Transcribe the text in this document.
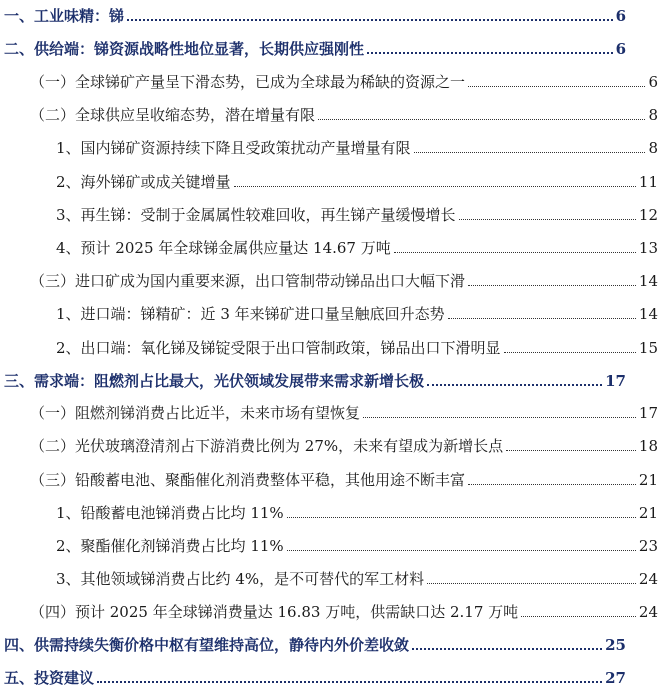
一、工业味精：锑	6
二、供给端：锑资源战略性地位显著，长期供应强刚性	6
（一）全球锑矿产量呈下滑态势，已成为全球最为稀缺的资源之一	6
（二）全球供应呈收缩态势，潜在增量有限	8
1、国内锑矿资源持续下降且受政策扰动产量增量有限	8
2、海外锑矿或成关键增量	11
3、再生锑：受制于金属属性较难回收，再生锑产量缓慢增长	12
4、预计 2025 年全球锑金属供应量达 14.67 万吨	13
（三）进口矿成为国内重要来源，出口管制带动锑品出口大幅下滑	14
1、进口端：锑精矿：近 3 年来锑矿进口量呈触底回升态势	14
2、出口端：氧化锑及锑锭受限于出口管制政策，锑品出口下滑明显	15
三、需求端：阻燃剂占比最大，光伏领域发展带来需求新增长极	17
（一）阻燃剂锑消费占比近半，未来市场有望恢复	17
（二）光伏玻璃澄清剂占下游消费比例为 27%，未来有望成为新增长点	18
（三）铅酸蓄电池、聚酯催化剂消费整体平稳，其他用途不断丰富	21
1、铅酸蓄电池锑消费占比均 11%	21
2、聚酯催化剂锑消费占比均 11%	23
3、其他领域锑消费占比约 4%，是不可替代的军工材料	24
（四）预计 2025 年全球锑消费量达 16.83 万吨，供需缺口达 2.17 万吨	24
四、供需持续失衡价格中枢有望维持高位，静待内外价差收敛	25
五、投资建议	27
